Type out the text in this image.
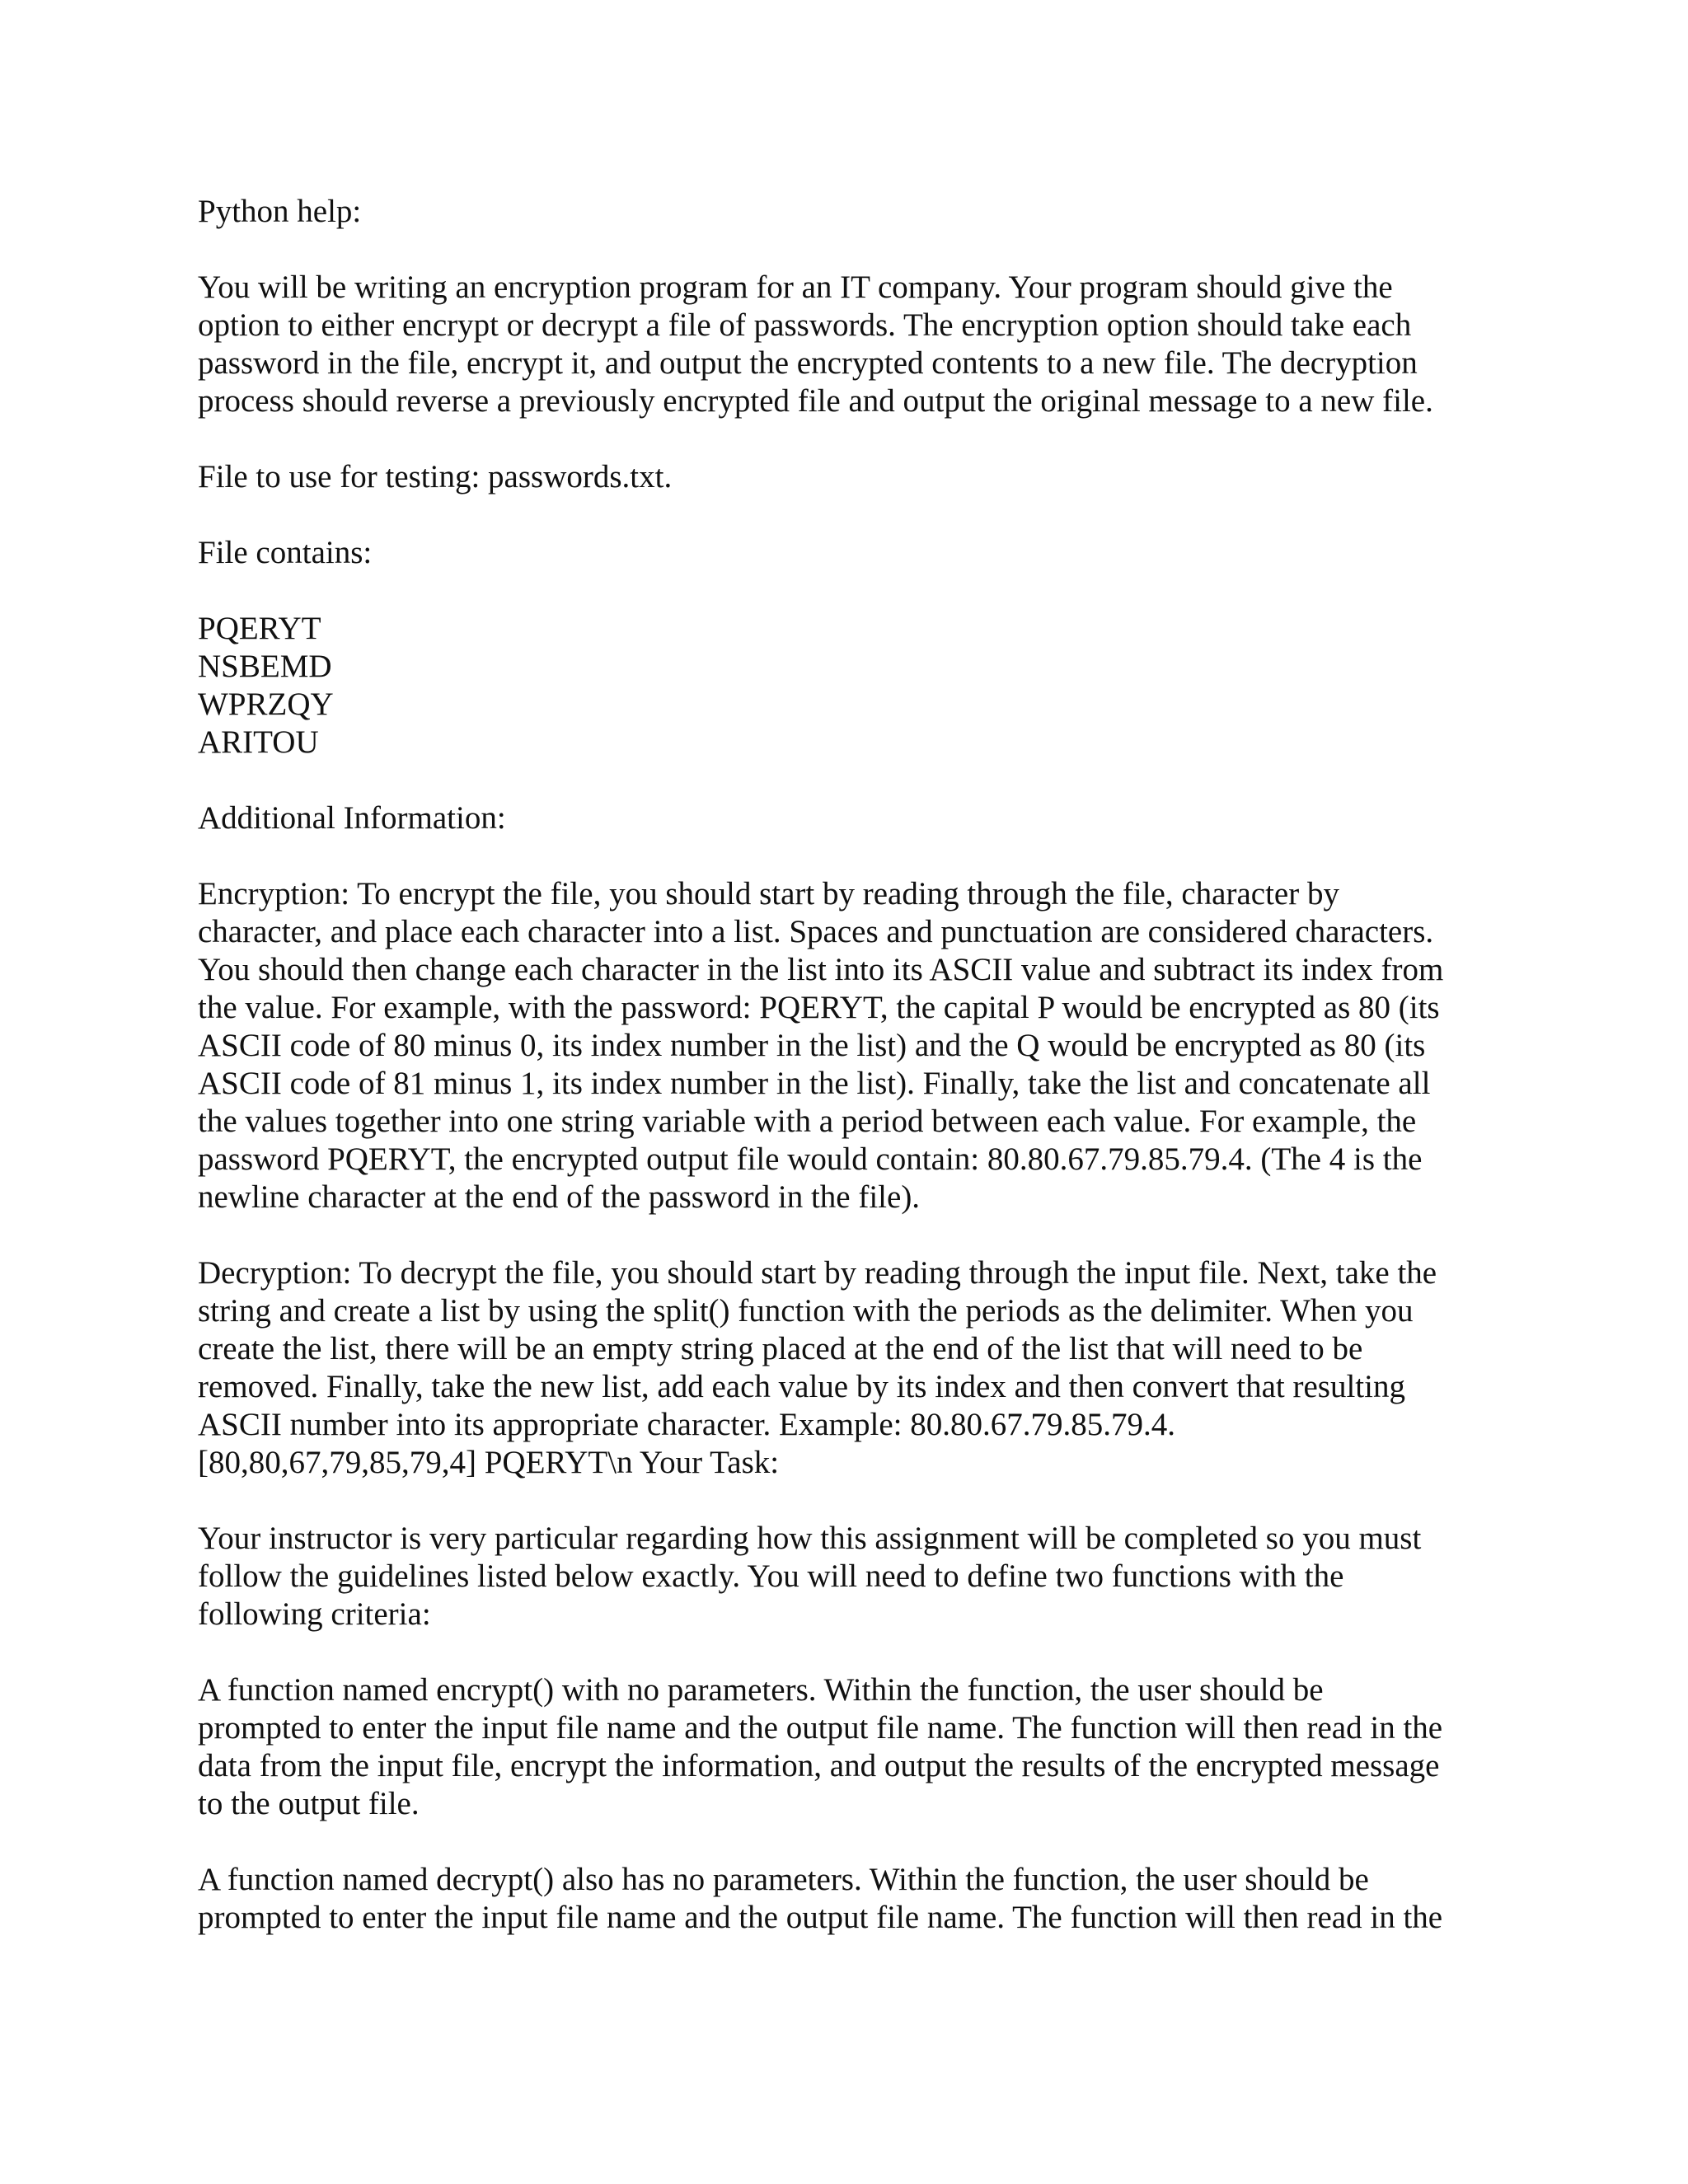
Python help:

You will be writing an encryption program for an IT company. Your program should give the
option to either encrypt or decrypt a file of passwords. The encryption option should take each
password in the file, encrypt it, and output the encrypted contents to a new file. The decryption
process should reverse a previously encrypted file and output the original message to a new file.

File to use for testing: passwords.txt.

File contains:

PQERYT
NSBEMD
WPRZQY
ARITOU

Additional Information:

Encryption: To encrypt the file, you should start by reading through the file, character by
character, and place each character into a list. Spaces and punctuation are considered characters.
You should then change each character in the list into its ASCII value and subtract its index from
the value. For example, with the password: PQERYT, the capital P would be encrypted as 80 (its
ASCII code of 80 minus 0, its index number in the list) and the Q would be encrypted as 80 (its
ASCII code of 81 minus 1, its index number in the list). Finally, take the list and concatenate all
the values together into one string variable with a period between each value. For example, the
password PQERYT, the encrypted output file would contain: 80.80.67.79.85.79.4. (The 4 is the
newline character at the end of the password in the file).

Decryption: To decrypt the file, you should start by reading through the input file. Next, take the
string and create a list by using the split() function with the periods as the delimiter. When you
create the list, there will be an empty string placed at the end of the list that will need to be
removed. Finally, take the new list, add each value by its index and then convert that resulting
ASCII number into its appropriate character. Example: 80.80.67.79.85.79.4.
[80,80,67,79,85,79,4] PQERYT\n Your Task:

Your instructor is very particular regarding how this assignment will be completed so you must
follow the guidelines listed below exactly. You will need to define two functions with the
following criteria:

A function named encrypt() with no parameters. Within the function, the user should be
prompted to enter the input file name and the output file name. The function will then read in the
data from the input file, encrypt the information, and output the results of the encrypted message
to the output file.

A function named decrypt() also has no parameters. Within the function, the user should be
prompted to enter the input file name and the output file name. The function will then read in the
